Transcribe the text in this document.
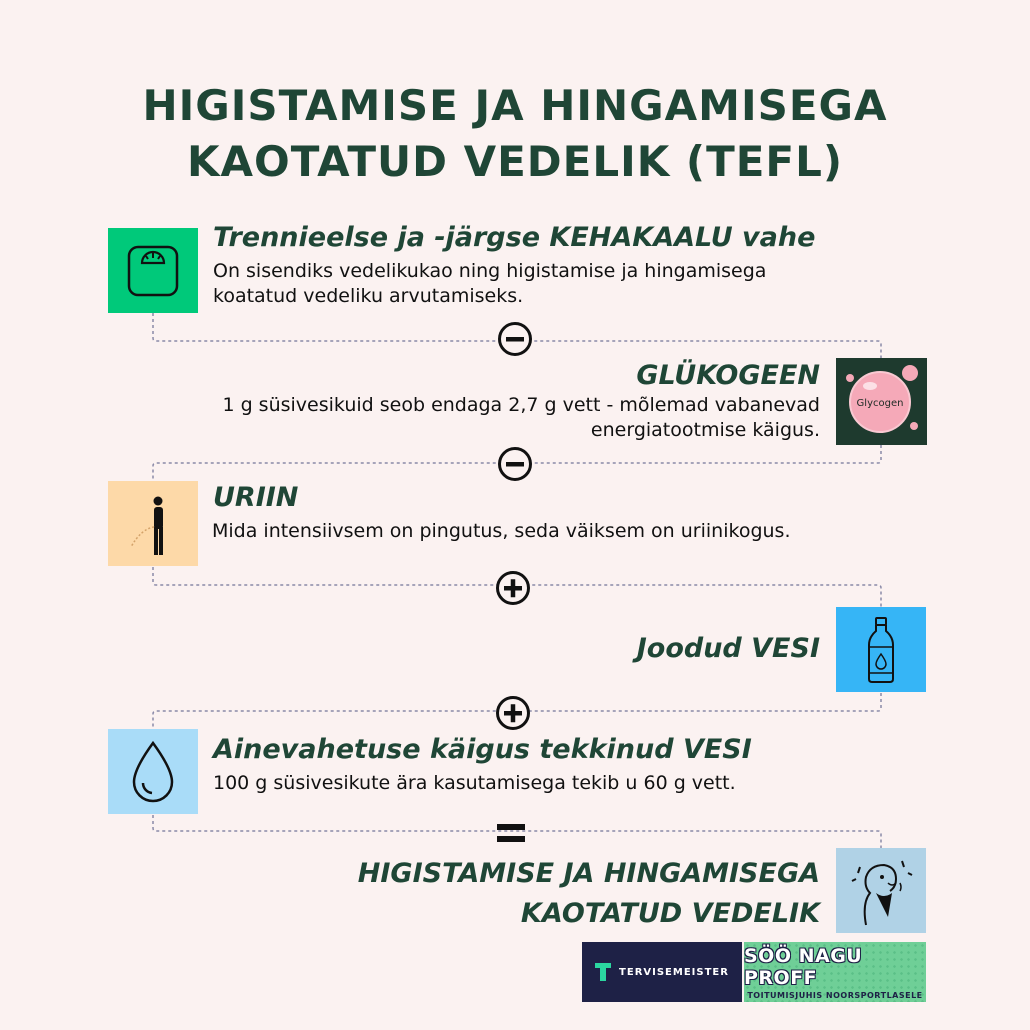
HIGISTAMISE JA HINGAMISEGA
KAOTATUD VEDELIK (TEFL)
Trennieelse ja -järgse KEHAKAALU vahe
On sisendiks vedelikukao ning higistamise ja hingamisega
koatatud vedeliku arvutamiseks.
GLÜKOGEEN
1 g süsivesikuid seob endaga 2,7 g vett - mõlemad vabanevad
energiatootmise käigus.
Glycogen
URIIN
Mida intensiivsem on pingutus, seda väiksem on uriinikogus.
Joodud VESI
Ainevahetuse käigus tekkinud VESI
100 g süsivesikute ära kasutamisega tekib u 60 g vett.
HIGISTAMISE JA HINGAMISEGA
KAOTATUD VEDELIK
TERVISEMEISTER
SÖÖ NAGU PROFF
TOITUMISJUHIS NOORSPORTLASELE
